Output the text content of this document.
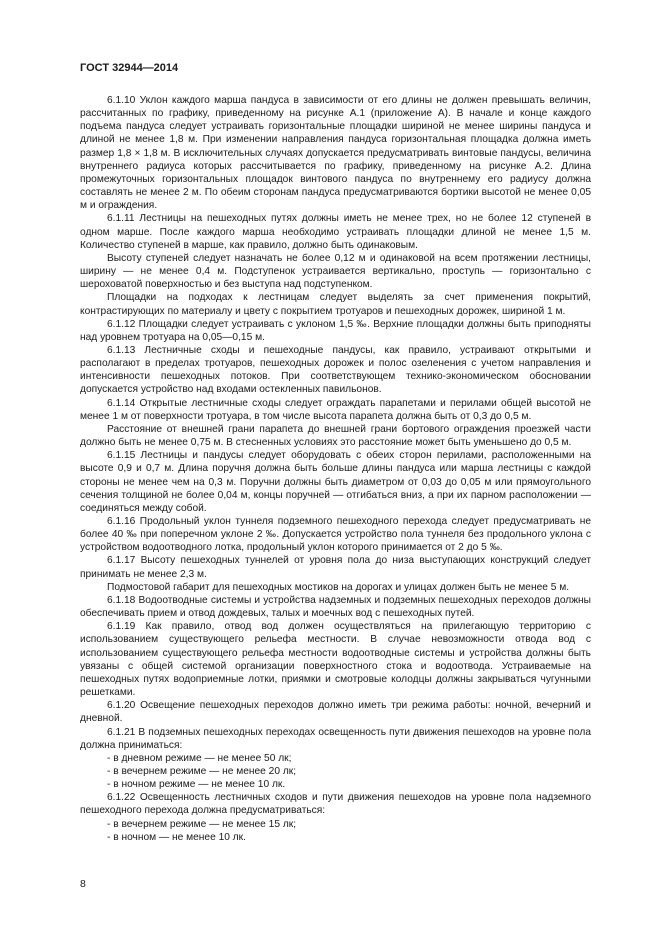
ГОСТ 32944—2014

6.1.10 Уклон каждого марша пандуса в зависимости от его длины не должен превышать величин, рассчитанных по графику, приведенному на рисунке А.1 (приложение А). В начале и конце каждого подъема пандуса следует устраивать горизонтальные площадки шириной не менее ширины пандуса и длиной не менее 1,8 м. При изменении направления пандуса горизонтальная площадка должна иметь размер 1,8 × 1,8 м. В исключительных случаях допускается предусматривать винтовые пандусы, величина внутреннего радиуса которых рассчитывается по графику, приведенному на рисунке А.2. Длина промежуточных горизонтальных площадок винтового пандуса по внутреннему его радиусу должна составлять не менее 2 м. По обеим сторонам пандуса предусматриваются бортики высотой не менее 0,05 м и ограждения.

6.1.11 Лестницы на пешеходных путях должны иметь не менее трех, но не более 12 ступеней в одном марше. После каждого марша необходимо устраивать площадки длиной не менее 1,5 м. Количество ступеней в марше, как правило, должно быть одинаковым.

Высоту ступеней следует назначать не более 0,12 м и одинаковой на всем протяжении лестницы, ширину — не менее 0,4 м. Подступенок устраивается вертикально, проступь — горизонтально с шероховатой поверхностью и без выступа над подступенком.

Площадки на подходах к лестницам следует выделять за счет применения покрытий, контрастирующих по материалу и цвету с покрытием тротуаров и пешеходных дорожек, шириной 1 м.

6.1.12 Площадки следует устраивать с уклоном 1,5 ‰. Верхние площадки должны быть приподняты над уровнем тротуара на 0,05—0,15 м.

6.1.13 Лестничные сходы и пешеходные пандусы, как правило, устраивают открытыми и располагают в пределах тротуаров, пешеходных дорожек и полос озеленения с учетом направления и интенсивности пешеходных потоков. При соответствующем технико-экономическом обосновании допускается устройство над входами остекленных павильонов.

6.1.14 Открытые лестничные сходы следует ограждать парапетами и перилами общей высотой не менее 1 м от поверхности тротуара, в том числе высота парапета должна быть от 0,3 до 0,5 м.

Расстояние от внешней грани парапета до внешней грани бортового ограждения проезжей части должно быть не менее 0,75 м. В стесненных условиях это расстояние может быть уменьшено до 0,5 м.

6.1.15 Лестницы и пандусы следует оборудовать с обеих сторон перилами, расположенными на высоте 0,9 и 0,7 м. Длина поручня должна быть больше длины пандуса или марша лестницы с каждой стороны не менее чем на 0,3 м. Поручни должны быть диаметром от 0,03 до 0,05 м или прямоугольного сечения толщиной не более 0,04 м, концы поручней — отгибаться вниз, а при их парном расположении — соединяться между собой.

6.1.16 Продольный уклон туннеля подземного пешеходного перехода следует предусматривать не более 40 ‰ при поперечном уклоне 2 ‰. Допускается устройство пола туннеля без продольного уклона с устройством водоотводного лотка, продольный уклон которого принимается от 2 до 5 ‰.

6.1.17 Высоту пешеходных туннелей от уровня пола до низа выступающих конструкций следует принимать не менее 2,3 м.

Подмостовой габарит для пешеходных мостиков на дорогах и улицах должен быть не менее 5 м.

6.1.18 Водоотводные системы и устройства надземных и подземных пешеходных переходов должны обеспечивать прием и отвод дождевых, талых и моечных вод с пешеходных путей.

6.1.19 Как правило, отвод вод должен осуществляться на прилегающую территорию с использованием существующего рельефа местности. В случае невозможности отвода вод с использованием существующего рельефа местности водоотводные системы и устройства должны быть увязаны с общей системой организации поверхностного стока и водоотвода. Устраиваемые на пешеходных путях водоприемные лотки, приямки и смотровые колодцы должны закрываться чугунными решетками.

6.1.20 Освещение пешеходных переходов должно иметь три режима работы: ночной, вечерний и дневной.

6.1.21 В подземных пешеходных переходах освещенность пути движения пешеходов на уровне пола должна приниматься:

- в дневном режиме — не менее 50 лк;
- в вечернем режиме — не менее 20 лк;
- в ночном режиме — не менее 10 лк.

6.1.22 Освещенность лестничных сходов и пути движения пешеходов на уровне пола надземного пешеходного перехода должна предусматриваться:

- в вечернем режиме — не менее 15 лк;
- в ночном — не менее 10 лк.
8
